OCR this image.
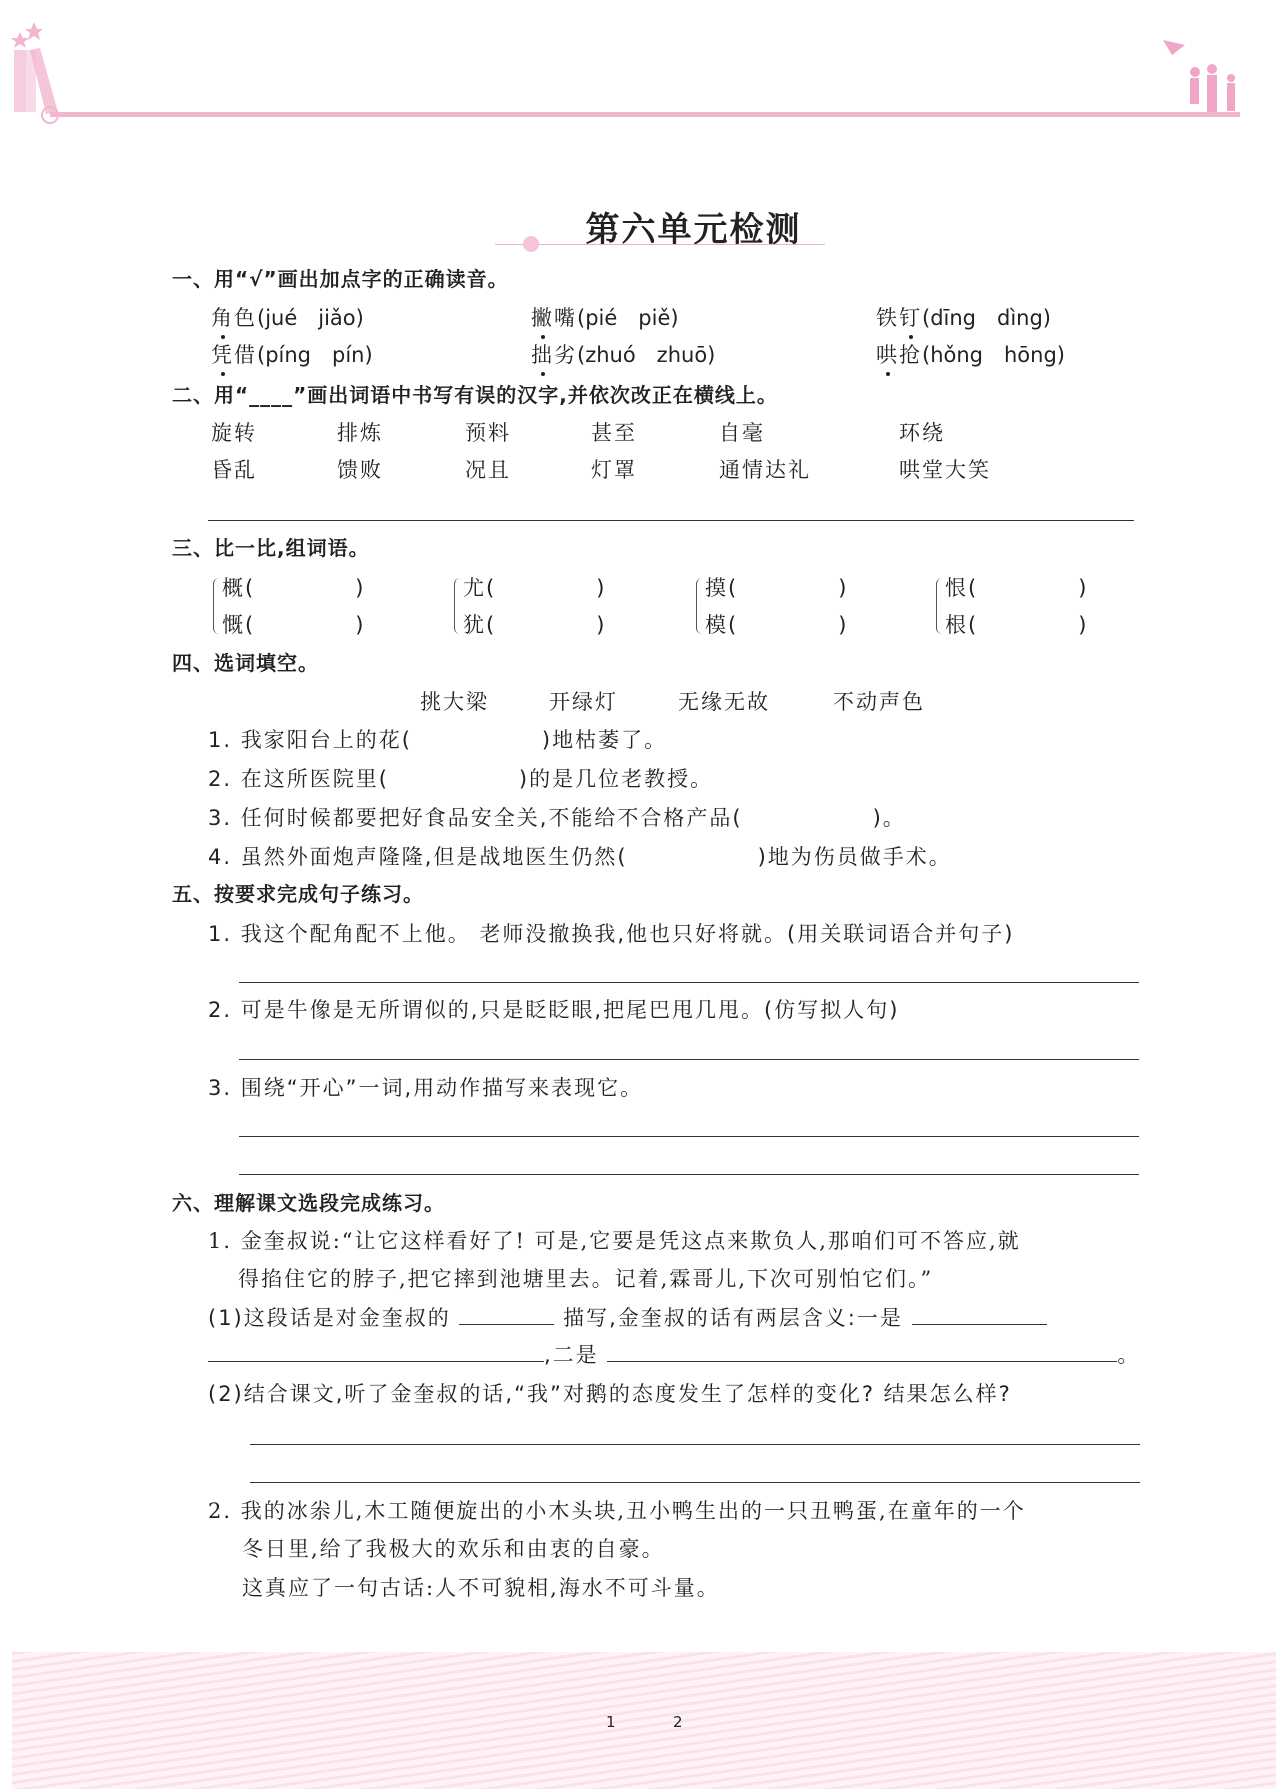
第六单元检测
一、用“√”画出加点字的正确读音。
角色(jué　jiǎo)	撇嘴(pié　piě)	铁钉(dīng　dìng)
凭借(píng　pín)	拙劣(zhuó　zhuō)	哄抢(hǒng　hōng)
二、用“____”画出词语中书写有误的汉字,并依次改正在横线上。
旋转	排炼	预料	甚至	自毫	环绕
昏乱	馈败	况且	灯罩	通情达礼	哄堂大笑
三、比一比,组词语。
概(	)
慨(	)
尤(	)
犹(	)
摸(	)
模(	)
恨(	)
根(	)
四、选词填空。
挑大梁	开绿灯	无缘无故	不动声色
1. 我家阳台上的花(	)地枯萎了。
2. 在这所医院里(	)的是几位老教授。
3. 任何时候都要把好食品安全关,不能给不合格产品(	)。
4. 虽然外面炮声隆隆,但是战地医生仍然(	)地为伤员做手术。
五、按要求完成句子练习。
1. 我这个配角配不上他。 老师没撤换我,他也只好将就。(用关联词语合并句子)
2. 可是牛像是无所谓似的,只是眨眨眼,把尾巴甩几甩。(仿写拟人句)
3. 围绕“开心”一词,用动作描写来表现它。
六、理解课文选段完成练习。
1. 金奎叔说:“让它这样看好了! 可是,它要是凭这点来欺负人,那咱们可不答应,就
得掐住它的脖子,把它摔到池塘里去。记着,霖哥儿,下次可别怕它们。”
(1)这段话是对金奎叔的	描写,金奎叔的话有两层含义:一是
,二是	。
(2)结合课文,听了金奎叔的话,“我”对鹅的态度发生了怎样的变化? 结果怎么样?
2. 我的冰尜儿,木工随便旋出的小木头块,丑小鸭生出的一只丑鸭蛋,在童年的一个
冬日里,给了我极大的欢乐和由衷的自豪。
这真应了一句古话:人不可貌相,海水不可斗量。
1	2
